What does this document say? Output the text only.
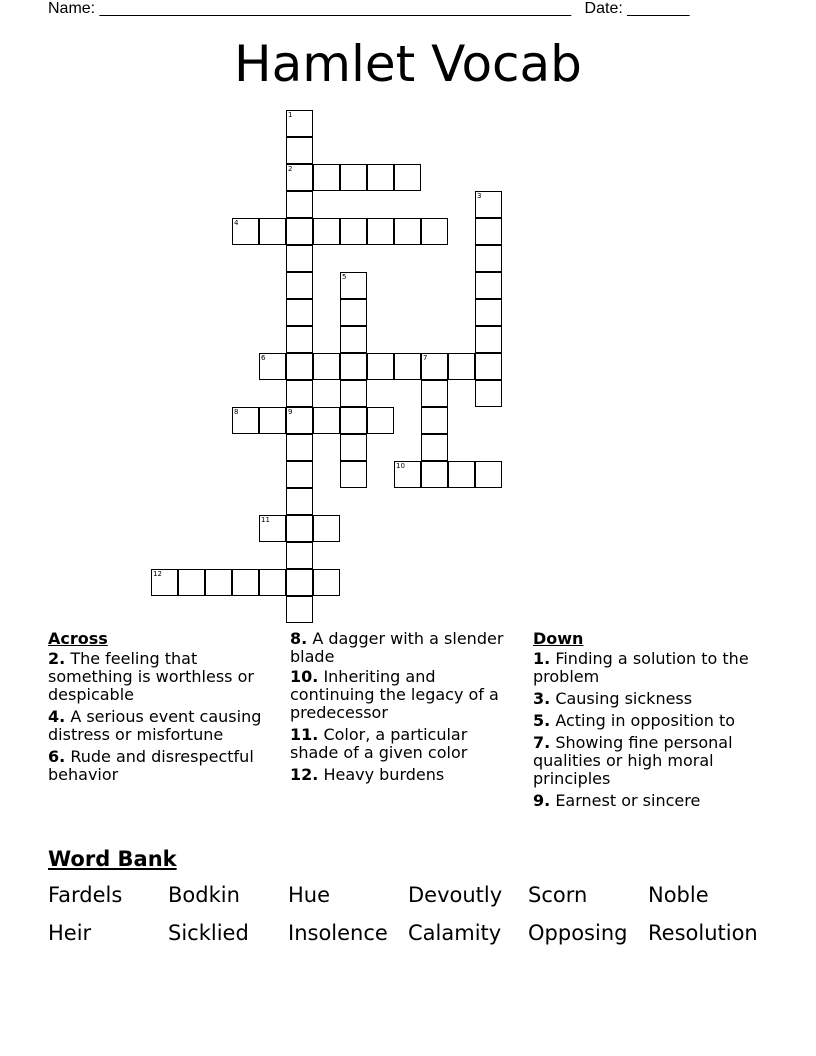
Name: _____________________________________________________ Date: _______
Hamlet Vocab
1
2
3
4
5
6	7
8	9
10
11
12
Across
2. The feeling that something is worthless or despicable
4. A serious event causing distress or misfortune
6. Rude and disrespectful behavior
8. A dagger with a slender blade
10. Inheriting and continuing the legacy of a predecessor
11. Color, a particular shade of a given color
12. Heavy burdens
Down
1. Finding a solution to the problem
3. Causing sickness
5. Acting in opposition to
7. Showing fine personal qualities or high moral principles
9. Earnest or sincere
Word Bank
Fardels	Bodkin	Hue	Devoutly	Scorn	Noble
Heir	Sicklied	Insolence Calamity	Opposing Resolution
